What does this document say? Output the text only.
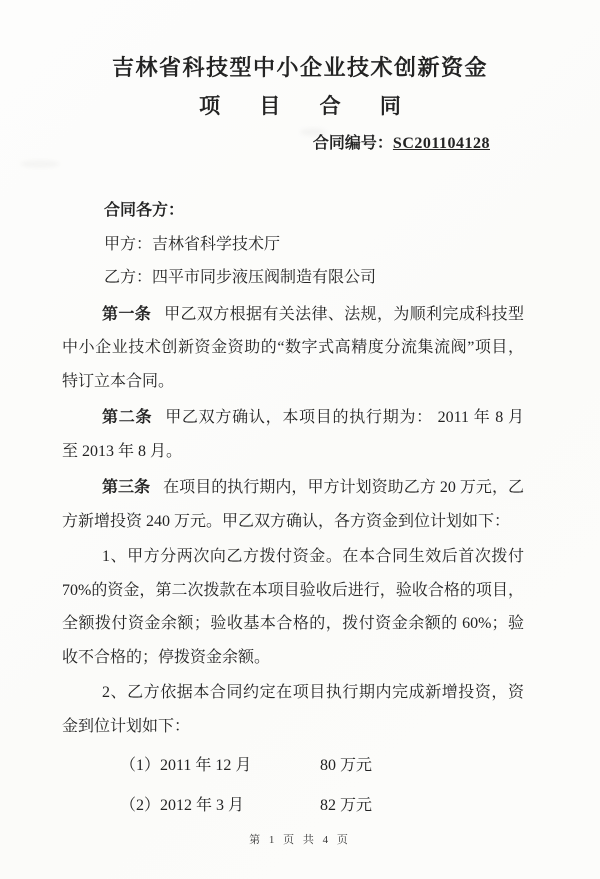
吉林省科技型中小企业技术创新资金
项 目 合 同
合同编号：SC201104128

合同各方：

甲方：吉林省科学技术厅

乙方：四平市同步液压阀制造有限公司

第一条 甲乙双方根据有关法律、法规，为顺利完成科技型中小企业技术创新资金资助的“数字式高精度分流集流阀”项目，特订立本合同。

第二条 甲乙双方确认，本项目的执行期为： 2011 年 8 月 至 2013 年 8 月。

第三条 在项目的执行期内，甲方计划资助乙方 20 万元，乙方新增投资 240 万元。甲乙双方确认，各方资金到位计划如下：

1、甲方分两次向乙方拨付资金。在本合同生效后首次拨付 70%的资金，第二次拨款在本项目验收后进行，验收合格的项目，全额拨付资金余额；验收基本合格的，拨付资金余额的 60%；验收不合格的；停拨资金余额。

2、乙方依据本合同约定在项目执行期内完成新增投资，资金到位计划如下：

（1）2011 年 12 月	80 万元
（2）2012 年 3 月	82 万元
第 1 页 共 4 页
